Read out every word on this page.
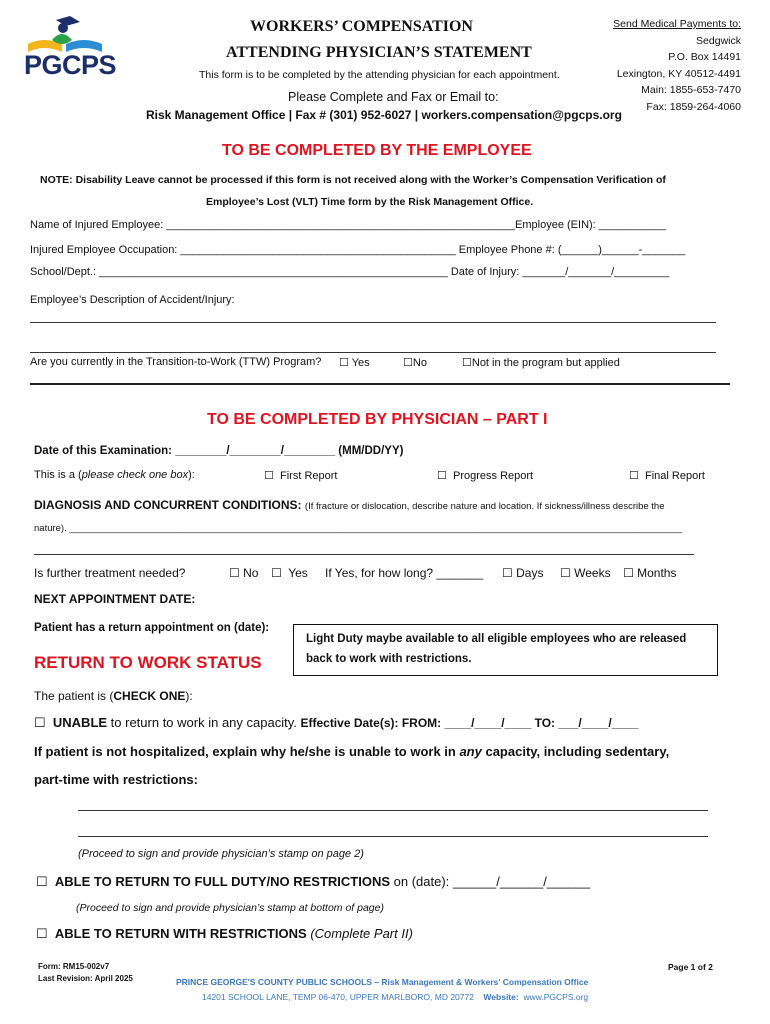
PGCPS
WORKERS’ COMPENSATION
ATTENDING PHYSICIAN’S STATEMENT
This form is to be completed by the attending physician for each appointment.
Please Complete and Fax or Email to:
Risk Management Office | Fax # (301) 952-6027 | workers.compensation@pgcps.org
Send Medical Payments to:
Sedgwick
P.O. Box 14491
Lexington, KY 40512-4491
Main: 1855-653-7470
Fax: 1859-264-4060
TO BE COMPLETED BY THE EMPLOYEE
NOTE: Disability Leave cannot be processed if this form is not received along with the Worker’s Compensation Verification of
Employee’s Lost (VLT) Time form by the Risk Management Office.
Name of Injured Employee: _________________________________________________________Employee (EIN): ___________
Injured Employee Occupation: _____________________________________________ Employee Phone #: (______)______-_______
School/Dept.: _________________________________________________________ Date of Injury: _______/_______/_________
Employee’s Description of Accident/Injury:
Are you currently in the Transition-to-Work (TTW) Program? ☐ Yes	☐No	☐Not in the program but applied
TO BE COMPLETED BY PHYSICIAN – PART I
Date of this Examination: ________/________/________ (MM/DD/YY)
This is a (please check one box):	☐ First Report	☐ Progress Report	☐ Final Report
DIAGNOSIS AND CONCURRENT CONDITIONS: (If fracture or dislocation, describe nature and location. If sickness/illness describe the
nature). ____________________________________________________________________________________________________________________
Is further treatment needed?	☐ No ☐ Yes If Yes, for how long? _______ ☐ Days ☐ Weeks ☐ Months
NEXT APPOINTMENT DATE:
Patient has a return appointment on (date):
Light Duty maybe available to all eligible employees who are released
back to work with restrictions.
RETURN TO WORK STATUS
The patient is (CHECK ONE):
☐ UNABLE to return to work in any capacity. Effective Date(s): FROM: ____/____/____ TO: ___/____/____
If patient is not hospitalized, explain why he/she is unable to work in any capacity, including sedentary,
part-time with restrictions:
(Proceed to sign and provide physician’s stamp on page 2)
☐ ABLE TO RETURN TO FULL DUTY/NO RESTRICTIONS on (date): ______/______/______
(Proceed to sign and provide physician’s stamp at bottom of page)
☐ ABLE TO RETURN WITH RESTRICTIONS (Complete Part II)
Form: RM15-002v7
Last Revision: April 2025
Page 1 of 2
PRINCE GEORGE'S COUNTY PUBLIC SCHOOLS – Risk Management & Workers' Compensation Office
14201 SCHOOL LANE, TEMP 06-470, UPPER MARLBORO, MD 20772 Website: www.PGCPS.org
